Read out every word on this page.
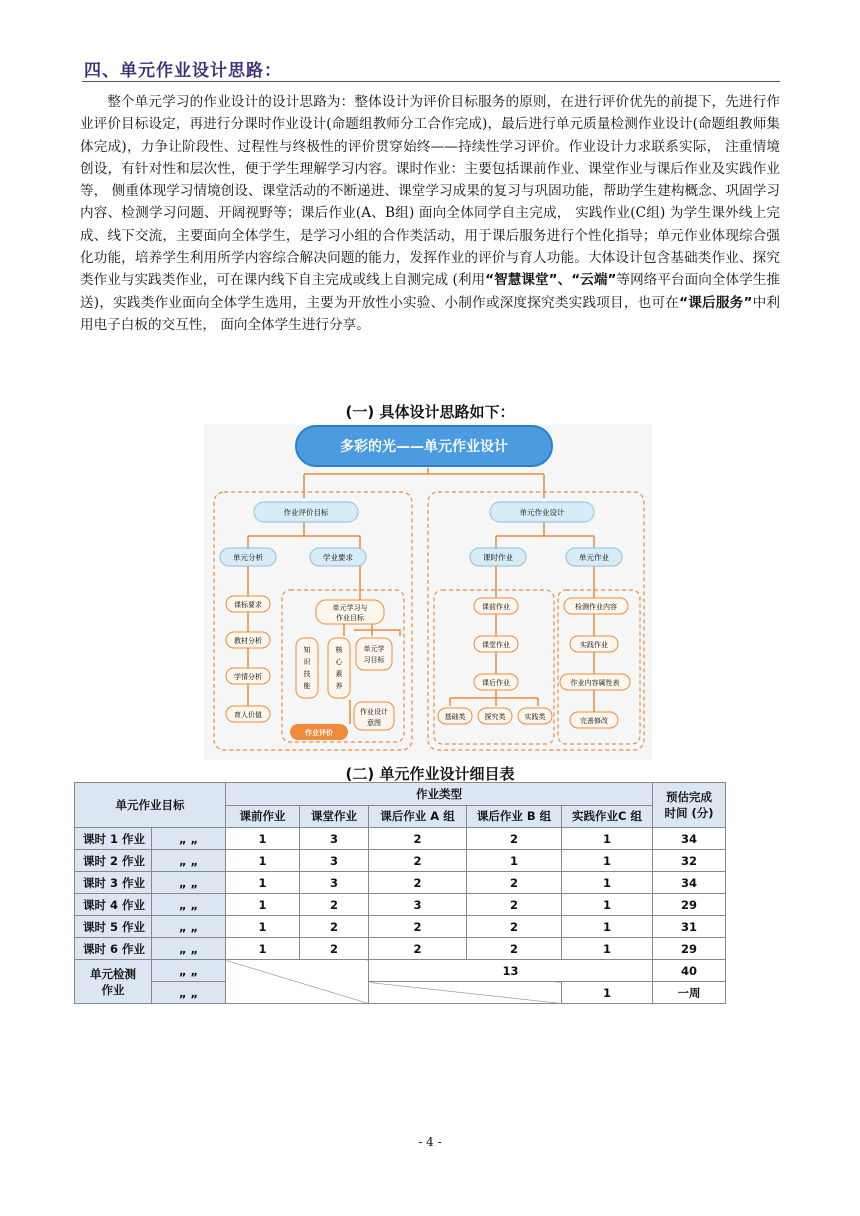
四、单元作业设计思路：

整个单元学习的作业设计的设计思路为：整体设计为评价目标服务的原则，在进行评价优先的前提下，先进行作业评价目标设定，再进行分课时作业设计(命题组教师分工合作完成)，最后进行单元质量检测作业设计(命题组教师集体完成)，力争让阶段性、过程性与终极性的评价贯穿始终——持续性学习评价。作业设计力求联系实际， 注重情境创设，有针对性和层次性，便于学生理解学习内容。课时作业：主要包括课前作业、课堂作业与课后作业及实践作业等， 侧重体现学习情境创设、课堂活动的不断递进、课堂学习成果的复习与巩固功能，帮助学生建构概念、巩固学习内容、检测学习问题、开阔视野等；课后作业(A、B组) 面向全体同学自主完成， 实践作业(C组) 为学生课外线上完成、线下交流，主要面向全体学生，是学习小组的合作类活动，用于课后服务进行个性化指导；单元作业体现综合强化功能，培养学生利用所学内容综合解决问题的能力，发挥作业的评价与育人功能。大体设计包含基础类作业、探究类作业与实践类作业，可在课内线下自主完成或线上自测完成 (利用“智慧课堂”、“云端”等网络平台面向全体学生推送)，实践类作业面向全体学生选用，主要为开放性小实验、小制作或深度探究类实践项目，也可在“课后服务”中利用电子白板的交互性， 面向全体学生进行分享。

(一) 具体设计思路如下：
多彩的光——单元作业设计
作业评价目标
单元分析	学业要求
单元作业设计
课时作业	单元作业
作业评价
课标要求
教材分析
学情分析
育人价值
单元学习与
作业目标
知
识
技
能
核
心
素
养
单元学
习目标
作业设计
意图
课前作业
课堂作业
课后作业
基础类	探究类	实践类
检测作业内容
实践作业
作业内容属性表
完善修改
(二) 单元作业设计细目表
单元作业目标		作业类型					预估完成
时间 (分)
		课前作业	课堂作业	课后作业 A 组	课后作业 B 组	实践作业C 组	
课时 1 作业	„ „	1	3	2	2	1	34
课时 2 作业	„ „	1	3	2	1	1	32
课时 3 作业	„ „	1	3	2	2	1	34
课时 4 作业	„ „	1	2	3	2	1	29
课时 5 作业	„ „	1	2	2	2	1	31
课时 6 作业	„ „	1	2	2	2	1	29
单元检测
作业	„ „			13			40
	„ „					1	一周
- 4 -
